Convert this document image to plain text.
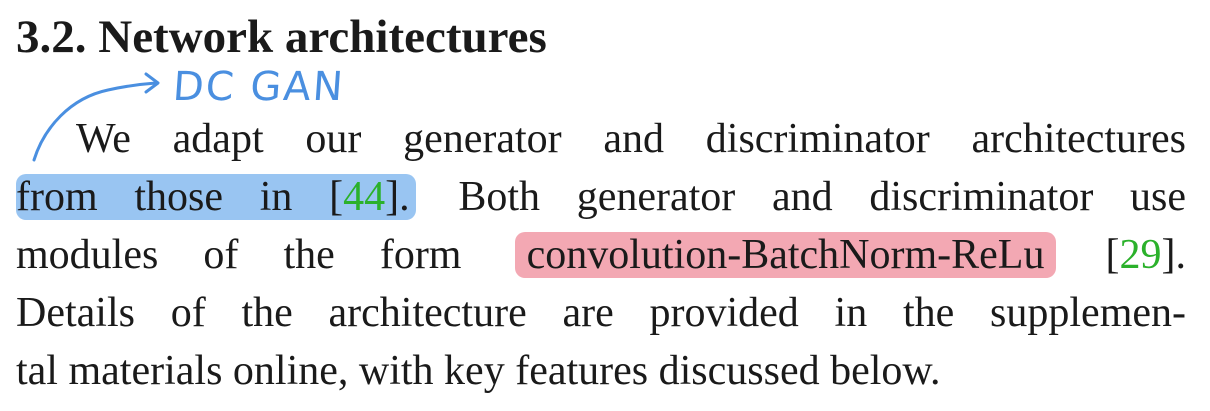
3.2. Network architectures
DC GAN
We adapt our generator and discriminator architectures
from those in [44]. Both generator and discriminator use
modules of the form convolution-BatchNorm-ReLu [29].
Details of the architecture are provided in the supplemen-
tal materials online, with key features discussed below.
